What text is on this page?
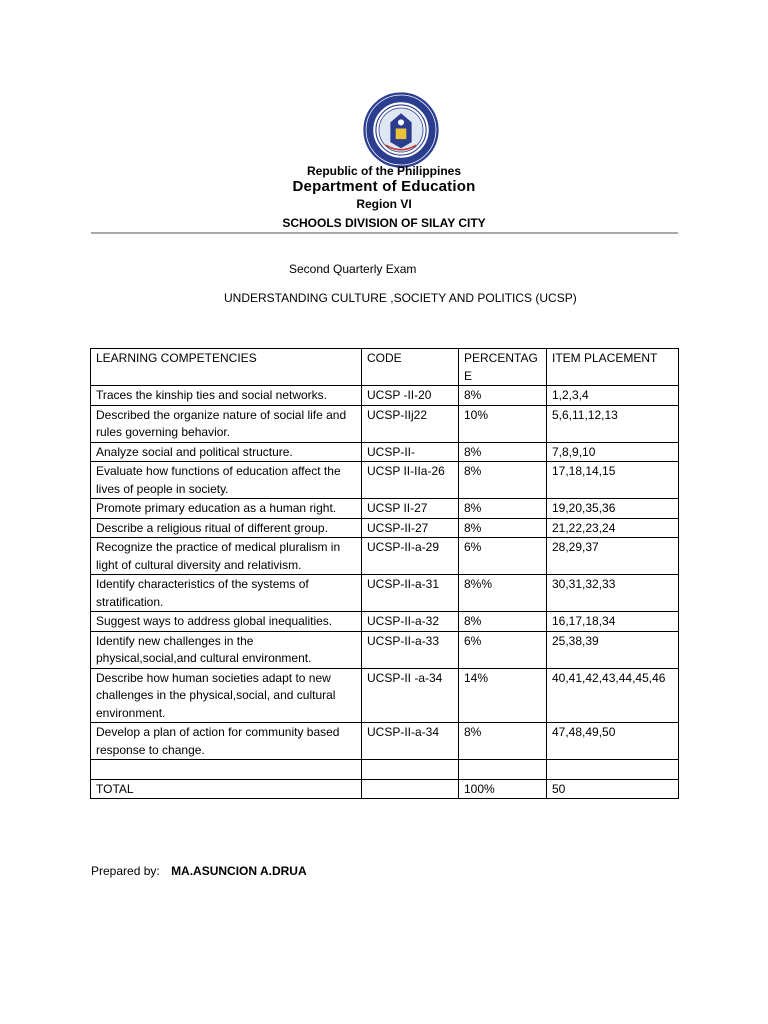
Republic of the Philippines
Department of Education
Region VI
SCHOOLS DIVISION OF SILAY CITY
Second Quarterly Exam
UNDERSTANDING CULTURE ,SOCIETY AND POLITICS (UCSP)
LEARNING COMPETENCIES	CODE	PERCENTAGE	ITEM PLACEMENT
Traces the kinship ties and social networks.	UCSP -II-20	8%	1,2,3,4
Described the organize nature of social life and rules governing behavior.	UCSP-IIj22	10%	5,6,11,12,13
Analyze social and political structure.	UCSP-II-	8%	7,8,9,10
Evaluate how functions of education affect the lives of people in society.	UCSP II-IIa-26	8%	17,18,14,15
Promote primary education as a human right.	UCSP II-27	8%	19,20,35,36
Describe a religious ritual of different group.	UCSP-II-27	8%	21,22,23,24
Recognize the practice of medical pluralism in light of cultural diversity and relativism.	UCSP-II-a-29	6%	28,29,37
Identify characteristics of the systems of stratification.	UCSP-II-a-31	8%%	30,31,32,33
Suggest ways to address global inequalities.	UCSP-II-a-32	8%	16,17,18,34
Identify new challenges in the physical,social,and cultural environment.	UCSP-II-a-33	6%	25,38,39
Describe how human societies adapt to new challenges in the physical,social, and cultural environment.	UCSP-II -a-34	14%	40,41,42,43,44,45,46
Develop a plan of action for community based response to change.	UCSP-II-a-34	8%	47,48,49,50

TOTAL		100%	50
Prepared by: MA.ASUNCION A.DRUA
